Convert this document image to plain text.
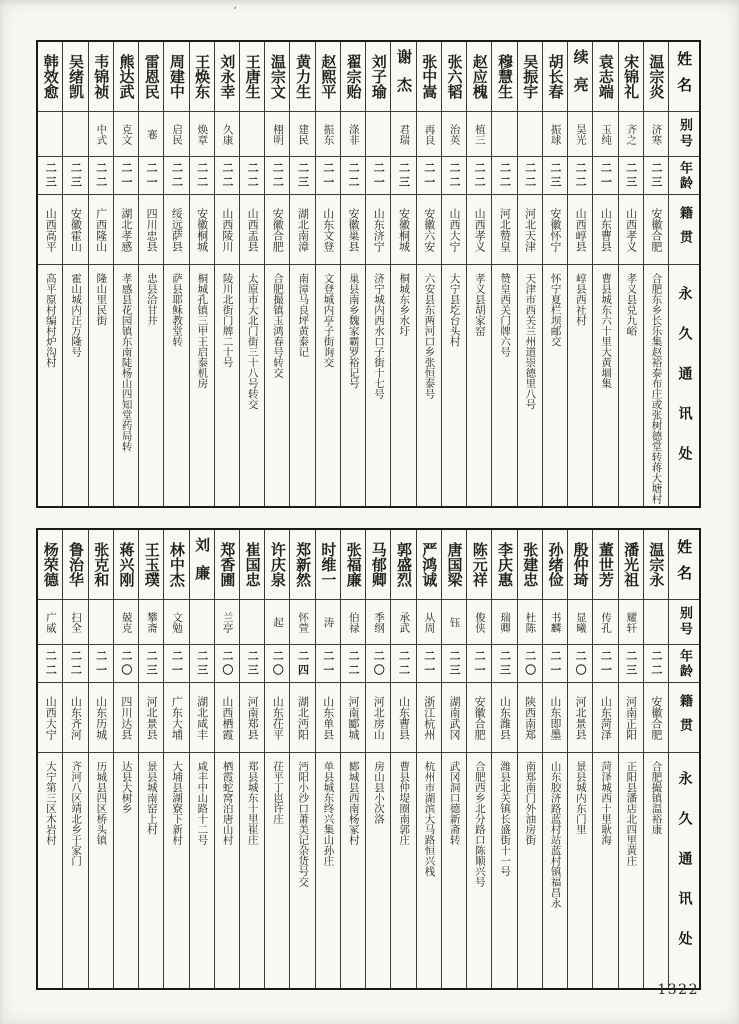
,
姓名
别号
年龄
籍贯
永久通讯处
温宗炎
济寒
二三
安徽合肥
合肥东乡长乐集赵裕泰布庄或张树德堂转蒋大塘村
宋锦礼
齐之
二三
山西孝义
孝义县兑九峪
袁志端
玉纯
二一
山东曹县
曹县城东六十里大黄堌集
续亮
昊光
二二
山西崞县
崞县西社村
胡长春
振球
二三
安徽怀宁
怀宁夏栏坝邮交
吴振宇
二二
河北天津
天津市西关兰州道崇德里八号
穆慧生
二二
河北赞皇
赞皇西关门牌六号
赵应槐
植三
二二
山西孝义
孝义县胡家窑
张六韬
治英
二二
山西大宁
大宁县圪台头村
张中嵩
再良
二一
安徽六安
六安县东两河口乡张恒泰号
谢杰
君瑞
二三
安徽桐城
桐城东乡水圩
刘子瑜
二一
山东济宁
济宁城内西水口子街十七号
翟宗贻
涤非
二二
安徽巢县
巢县南乡魏家霸罗裕记号
赵熙平
振东
二一
山东文登
文登城内亭子街询交
黄力生
建民
二三
湖北南漳
南漳马良坪黄泰记
温宗文
栩明
二二
安徽合肥
合肥撮镇玉鸿春号转交
王唐生
二二
山西盂县
太原市大北门街三十八号转交
刘永幸
久康
二二
山西陵川
陵川北街门牌二十号
王焕东
焕章
二二
安徽桐城
桐城孔镇三甲王启泰机房
周建中
启民
二二
绥远萨县
萨县耶稣教堂转
雷恩民
寋
二一
四川忠县
忠县洽甘井
熊达武
克文
二一
湖北孝感
孝感县花园镇东南陡杨山四知堂药局转
韦锦祯
中式
二二
广西隆山
隆山里民街
吴绪凯
二三
安徽霍山
霍山城内汪万隆号
韩效愈
二三
山西高平
高平原村编村炉沟村
姓名
别号
年龄
籍贯
永久通讯处
温宗永
二二
安徽合肥
合肥撮镇温裕康
潘光祖
耀轩
二三
河南正阳
正阳县潘店北四里黄庄
董世芳
传孔
二一
山东菏泽
菏泽城西十里耿海
殷仲琦
显曦
二〇
河北景县
景县城内东门里
孙绪俭
书麟
二一
山东即墨
山东胶济路蓝村站蓝村镇福昌永
张建忠
杜陈
二〇
陕西南郑
南郑南门外油房街
李庆惠
瑞卿
二三
山东潍县
潍县北关镇长盛街十一号
陈元祥
俊侠
二一
安徽合肥
合肥西乡北分路口陈顺兴号
唐国梁
钰
二三
湖南武冈
武冈洞口德新斋转
严鸿诚
从周
二一
浙江杭州
杭州市湖滨大马路恒兴栈
郭盛烈
承武
二二
山东曹县
曹县仲堤圈南郭庄
马郁卿
季纲
二〇
河北房山
房山县小次洛
张福廉
伯禄
二二
河南郾城
郾城县西南杨冢村
时维一
涛
二一
山东单县
单县城东终兴集山孙庄
郑新然
怀萱
二四
湖北沔阳
沔阳小沙口萧美记杂货号交
许庆泉
起
二〇
山东茌平
茌平丁岜许庄
崔国忠
二三
河南郑县
郑县城东十里崔庄
郑香圃
兰亭
二〇
山西栖霞
栖霞蛇窝泊唐山村
刘廉
二三
湖北咸丰
咸丰中山路十二号
林中杰
文勉
二一
广东大埔
大埔县湖寮下新村
王玉璞
攀斋
二三
河北景县
景县城南窑上村
蒋兴刚
兢克
二〇
四川达县
达县大树乡
张克和
二一
山东历城
历城县四区桥头镇
鲁治华
扫全
二二
山东齐河
齐河八区靖北乡于家门
杨荣德
广威
二二
山西大宁
大宁第三区木岩村
1322
